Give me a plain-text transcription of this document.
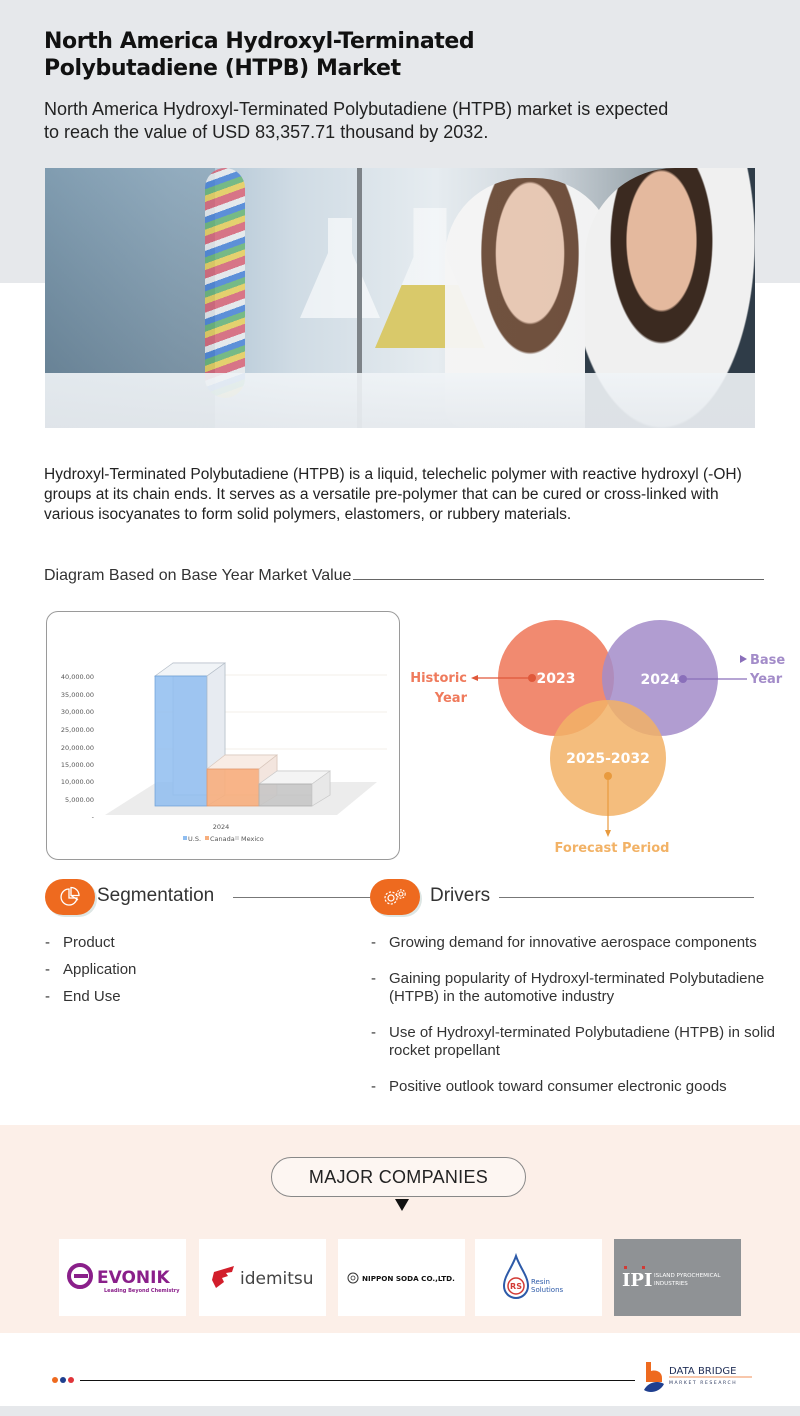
North America Hydroxyl-Terminated Polybutadiene (HTPB) Market

North America Hydroxyl-Terminated Polybutadiene (HTPB) market is expected to reach the value of USD 83,357.71 thousand by 2032.

Hydroxyl-Terminated Polybutadiene (HTPB) is a liquid, telechelic polymer with reactive hydroxyl (-OH) groups at its chain ends. It serves as a versatile pre-polymer that can be cured or cross-linked with various isocyanates to form solid polymers, elastomers, or rubbery materials.

Diagram Based on Base Year Market Value
40,000.00
35,000.00
30,000.00
25,000.00
20,000.00
15,000.00
10,000.00
5,000.00
-
2024
U.S. Canada Mexico
2023
Historic
Year
2024
Base
Year
2025-2032
Forecast Period
Segmentation
- Product
- Application
- End Use
Drivers
- Growing demand for innovative aerospace components
- Gaining popularity of Hydroxyl-terminated Polybutadiene (HTPB) in the automotive industry
- Use of Hydroxyl-terminated Polybutadiene (HTPB) in solid rocket propellant
- Positive outlook toward consumer electronic goods
MAJOR COMPANIES
EVONIK
Leading Beyond Chemistry
idemitsu	NIPPON SODA CO.,LTD.
RS Resin
Solutions	IPI ISLAND PYROCHEMICAL
INDUSTRIES
DATA BRIDGE
MARKET RESEARCH
